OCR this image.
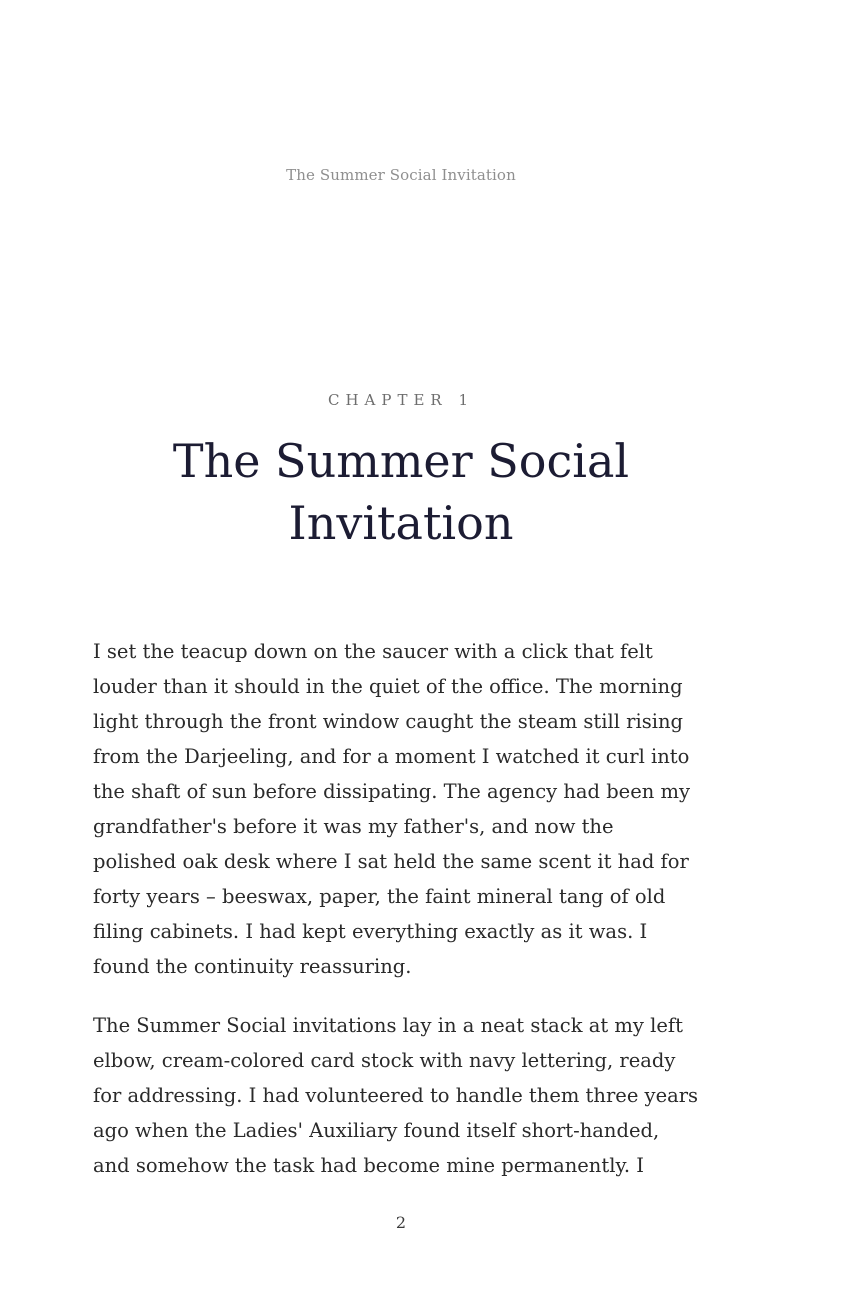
The Summer Social Invitation
CHAPTER 1
The Summer Social
Invitation

I set the teacup down on the saucer with a click that felt
louder than it should in the quiet of the office. The morning
light through the front window caught the steam still rising
from the Darjeeling, and for a moment I watched it curl into
the shaft of sun before dissipating. The agency had been my
grandfather's before it was my father's, and now the
polished oak desk where I sat held the same scent it had for
forty years – beeswax, paper, the faint mineral tang of old
filing cabinets. I had kept everything exactly as it was. I
found the continuity reassuring.

The Summer Social invitations lay in a neat stack at my left
elbow, cream-colored card stock with navy lettering, ready
for addressing. I had volunteered to handle them three years
ago when the Ladies' Auxiliary found itself short-handed,
and somehow the task had become mine permanently. I

2
